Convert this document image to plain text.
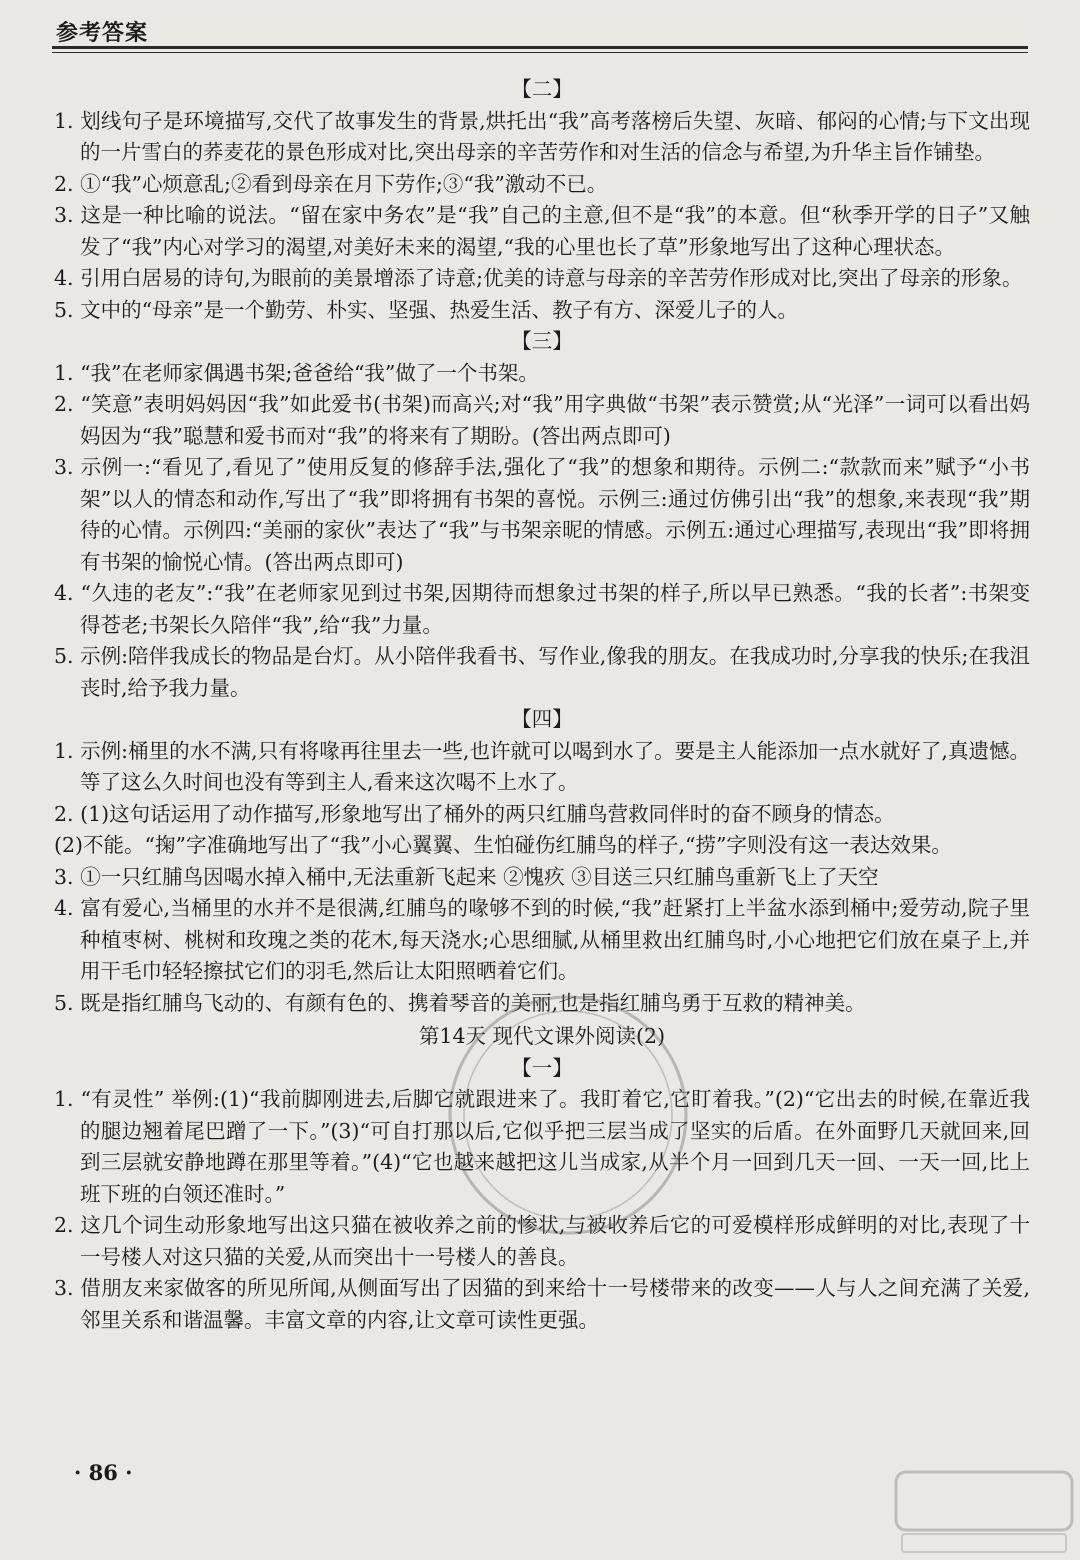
参考答案

【二】

1. 划线句子是环境描写,交代了故事发生的背景,烘托出“我”高考落榜后失望、灰暗、郁闷的心情;与下文出现的一片雪白的荞麦花的景色形成对比,突出母亲的辛苦劳作和对生活的信念与希望,为升华主旨作铺垫。

2. ①“我”心烦意乱;②看到母亲在月下劳作;③“我”激动不已。

3. 这是一种比喻的说法。“留在家中务农”是“我”自己的主意,但不是“我”的本意。但“秋季开学的日子”又触发了“我”内心对学习的渴望,对美好未来的渴望,“我的心里也长了草”形象地写出了这种心理状态。

4. 引用白居易的诗句,为眼前的美景增添了诗意;优美的诗意与母亲的辛苦劳作形成对比,突出了母亲的形象。

5. 文中的“母亲”是一个勤劳、朴实、坚强、热爱生活、教子有方、深爱儿子的人。

【三】

1. “我”在老师家偶遇书架;爸爸给“我”做了一个书架。

2. “笑意”表明妈妈因“我”如此爱书(书架)而高兴;对“我”用字典做“书架”表示赞赏;从“光泽”一词可以看出妈妈因为“我”聪慧和爱书而对“我”的将来有了期盼。(答出两点即可)

3. 示例一:“看见了,看见了”使用反复的修辞手法,强化了“我”的想象和期待。示例二:“款款而来”赋予“小书架”以人的情态和动作,写出了“我”即将拥有书架的喜悦。示例三:通过仿佛引出“我”的想象,来表现“我”期待的心情。示例四:“美丽的家伙”表达了“我”与书架亲昵的情感。示例五:通过心理描写,表现出“我”即将拥有书架的愉悦心情。(答出两点即可)

4. “久违的老友”:“我”在老师家见到过书架,因期待而想象过书架的样子,所以早已熟悉。“我的长者”:书架变得苍老;书架长久陪伴“我”,给“我”力量。

5. 示例:陪伴我成长的物品是台灯。从小陪伴我看书、写作业,像我的朋友。在我成功时,分享我的快乐;在我沮丧时,给予我力量。

【四】

1. 示例:桶里的水不满,只有将喙再往里去一些,也许就可以喝到水了。要是主人能添加一点水就好了,真遗憾。等了这么久时间也没有等到主人,看来这次喝不上水了。

2. (1)这句话运用了动作描写,形象地写出了桶外的两只红脯鸟营救同伴时的奋不顾身的情态。

(2)不能。“掬”字准确地写出了“我”小心翼翼、生怕碰伤红脯鸟的样子,“捞”字则没有这一表达效果。

3. ①一只红脯鸟因喝水掉入桶中,无法重新飞起来 ②愧疚 ③目送三只红脯鸟重新飞上了天空

4. 富有爱心,当桶里的水并不是很满,红脯鸟的喙够不到的时候,“我”赶紧打上半盆水添到桶中;爱劳动,院子里种植枣树、桃树和玫瑰之类的花木,每天浇水;心思细腻,从桶里救出红脯鸟时,小心地把它们放在桌子上,并用干毛巾轻轻擦拭它们的羽毛,然后让太阳照晒着它们。

5. 既是指红脯鸟飞动的、有颜有色的、携着琴音的美丽,也是指红脯鸟勇于互救的精神美。

第14天 现代文课外阅读(2)

【一】

1. “有灵性” 举例:(1)“我前脚刚进去,后脚它就跟进来了。我盯着它,它盯着我。”(2)“它出去的时候,在靠近我的腿边翘着尾巴蹭了一下。”(3)“可自打那以后,它似乎把三层当成了坚实的后盾。在外面野几天就回来,回到三层就安静地蹲在那里等着。”(4)“它也越来越把这儿当成家,从半个月一回到几天一回、一天一回,比上班下班的白领还准时。”

2. 这几个词生动形象地写出这只猫在被收养之前的惨状,与被收养后它的可爱模样形成鲜明的对比,表现了十一号楼人对这只猫的关爱,从而突出十一号楼人的善良。

3. 借朋友来家做客的所见所闻,从侧面写出了因猫的到来给十一号楼带来的改变——人与人之间充满了关爱,邻里关系和谐温馨。丰富文章的内容,让文章可读性更强。

· 86 ·
